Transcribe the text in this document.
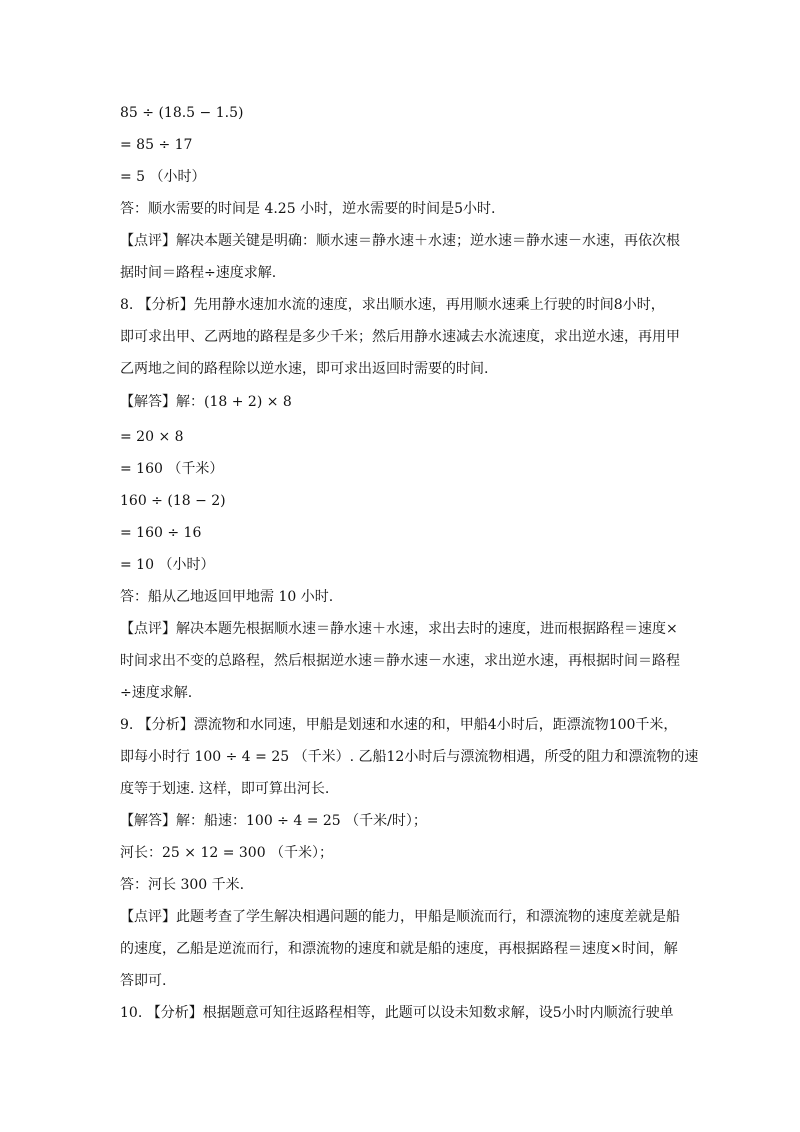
85 ÷ (18.5 − 1.5)
= 85 ÷ 17
= 5 （小时）
答：顺水需要的时间是 4.25 小时，逆水需要的时间是5小时.
【点评】解决本题关键是明确：顺水速＝静水速＋水速；逆水速＝静水速－水速，再依次根
据时间＝路程÷速度求解.
8. 【分析】先用静水速加水流的速度，求出顺水速，再用顺水速乘上行驶的时间8小时，
即可求出甲、乙两地的路程是多少千米；然后用静水速减去水流速度，求出逆水速，再用甲
乙两地之间的路程除以逆水速，即可求出返回时需要的时间.
【解答】解：(18 + 2) × 8
= 20 × 8
= 160 （千米）
160 ÷ (18 − 2)
= 160 ÷ 16
= 10 （小时）
答：船从乙地返回甲地需 10 小时.
【点评】解决本题先根据顺水速＝静水速＋水速，求出去时的速度，进而根据路程＝速度×
时间求出不变的总路程，然后根据逆水速＝静水速－水速，求出逆水速，再根据时间＝路程
÷速度求解.
9. 【分析】漂流物和水同速，甲船是划速和水速的和，甲船4小时后，距漂流物100千米，
即每小时行 100 ÷ 4 = 25 （千米）. 乙船12小时后与漂流物相遇，所受的阻力和漂流物的速
度等于划速. 这样，即可算出河长.
【解答】解：船速：100 ÷ 4 = 25 （千米/时）；
河长：25 × 12 = 300 （千米）；
答：河长 300 千米.
【点评】此题考查了学生解决相遇问题的能力，甲船是顺流而行，和漂流物的速度差就是船
的速度，乙船是逆流而行，和漂流物的速度和就是船的速度，再根据路程＝速度×时间，解
答即可.
10. 【分析】根据题意可知往返路程相等，此题可以设未知数求解，设5小时内顺流行驶单
